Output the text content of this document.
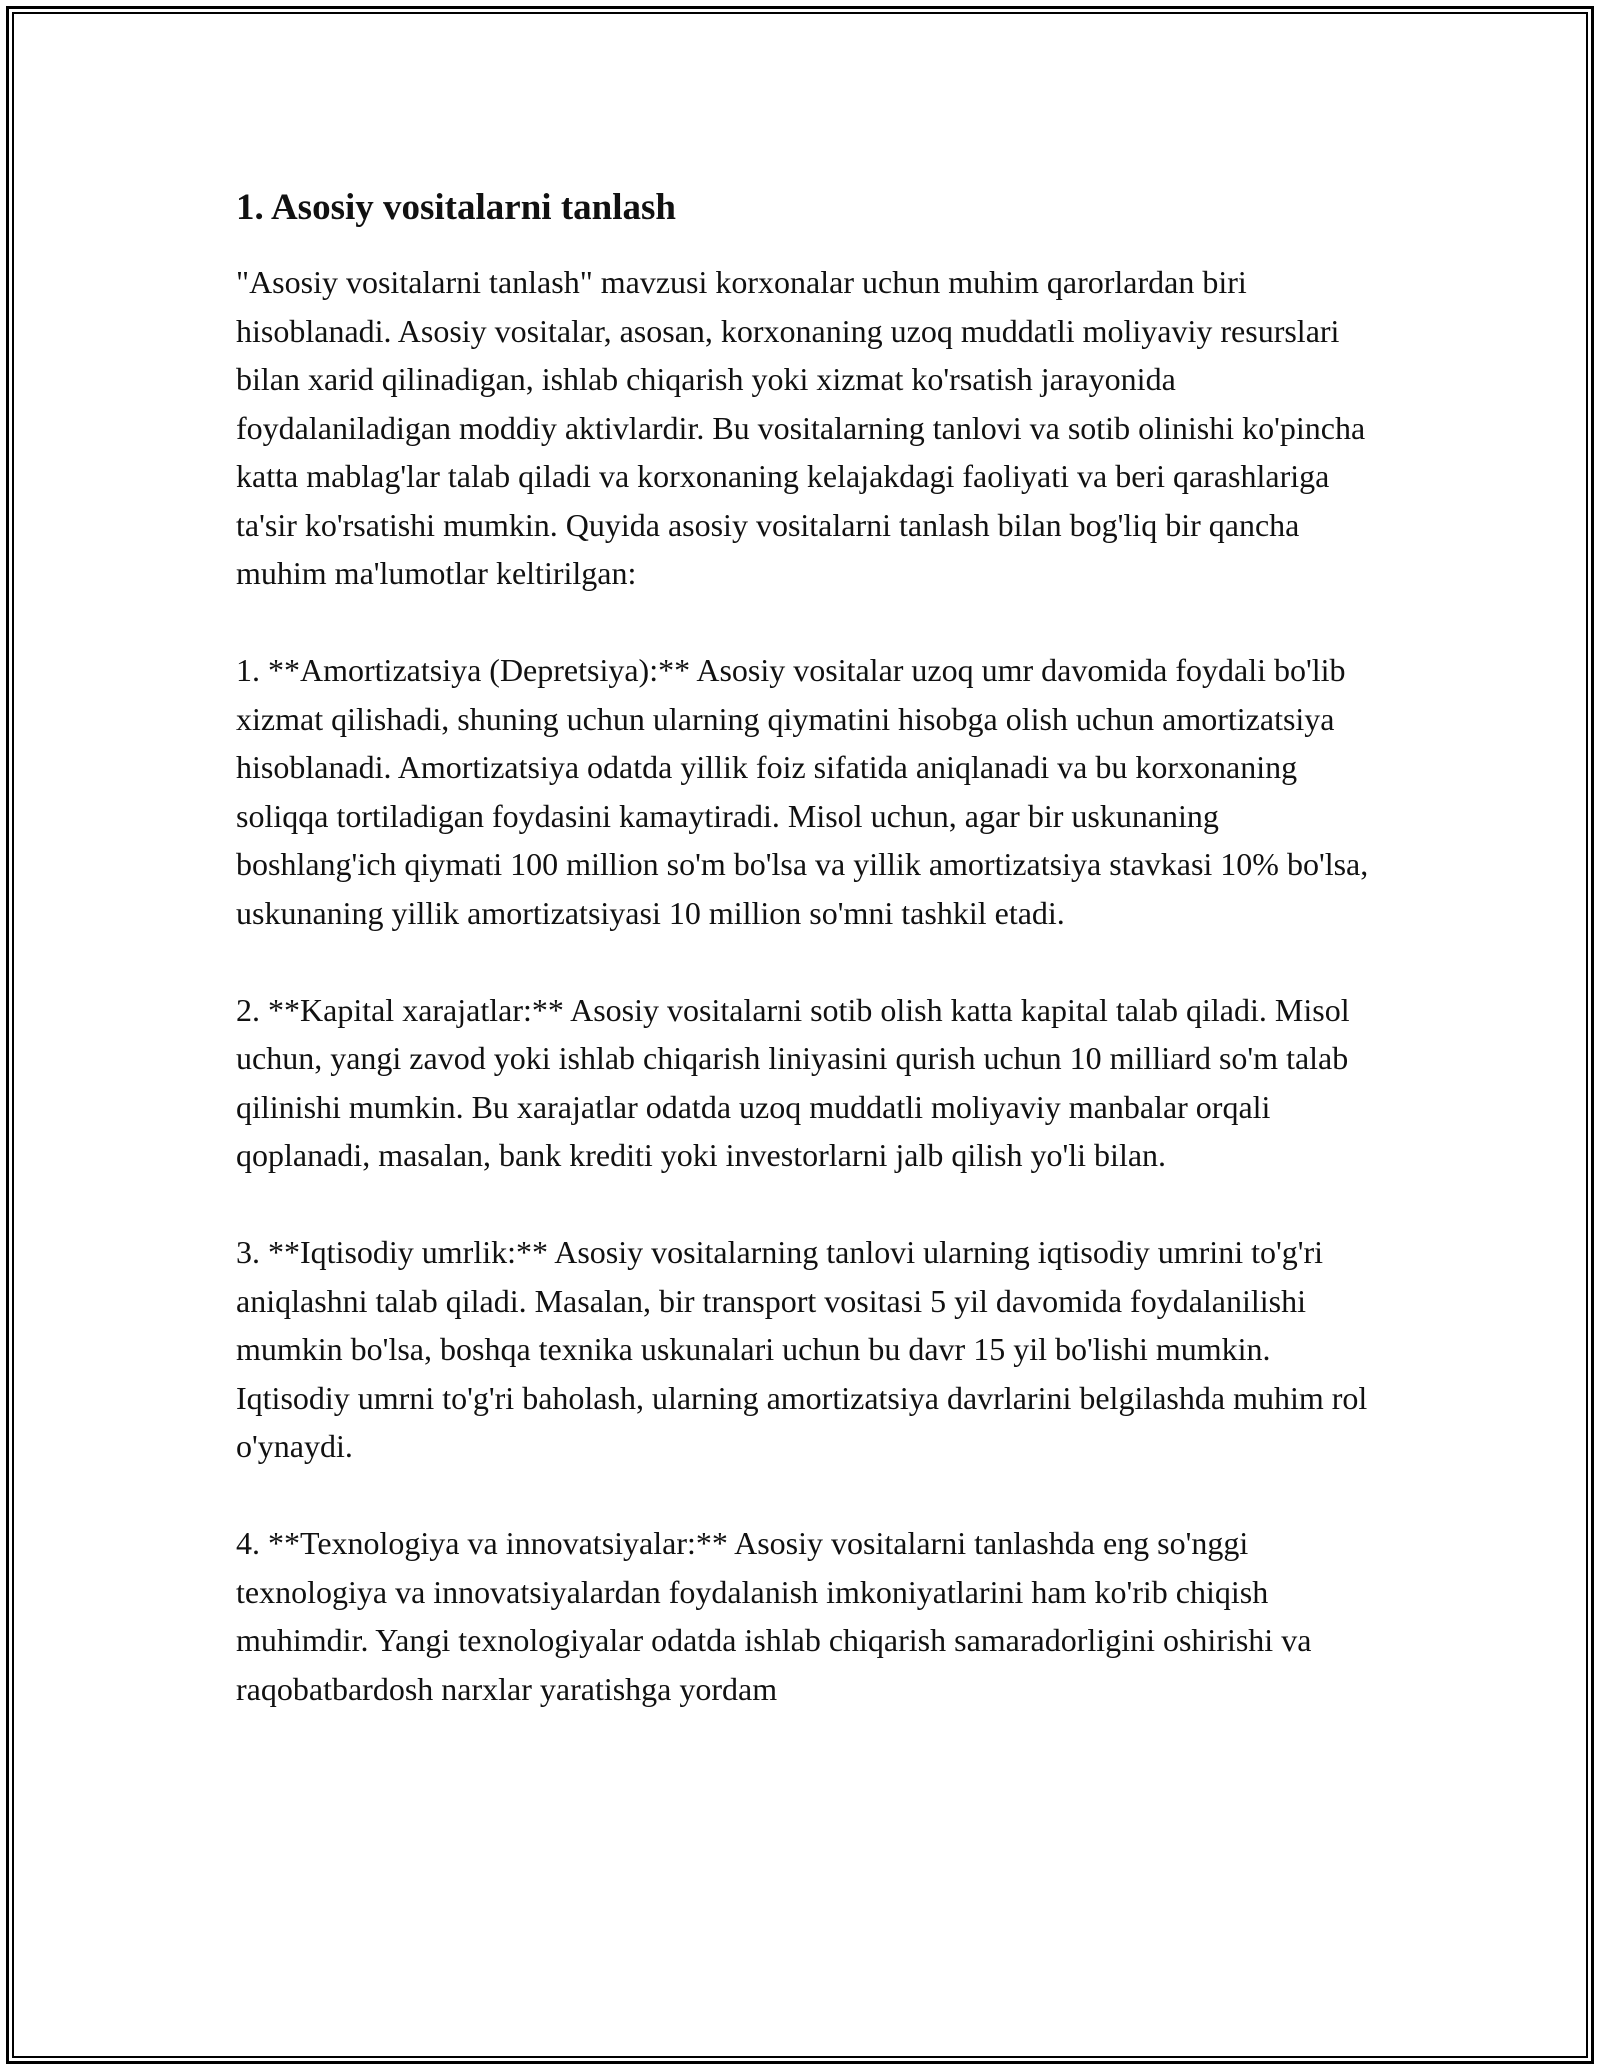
1. Asosiy vositalarni tanlash

"Asosiy vositalarni tanlash" mavzusi korxonalar uchun muhim qarorlardan biri hisoblanadi. Asosiy vositalar, asosan, korxonaning uzoq muddatli moliyaviy resurslari bilan xarid qilinadigan, ishlab chiqarish yoki xizmat ko'rsatish jarayonida foydalaniladigan moddiy aktivlardir. Bu vositalarning tanlovi va sotib olinishi ko'pincha katta mablag'lar talab qiladi va korxonaning kelajakdagi faoliyati va beri qarashlariga ta'sir ko'rsatishi mumkin. Quyida asosiy vositalarni tanlash bilan bog'liq bir qancha muhim ma'lumotlar keltirilgan:

1. **Amortizatsiya (Depretsiya):** Asosiy vositalar uzoq umr davomida foydali bo'lib xizmat qilishadi, shuning uchun ularning qiymatini hisobga olish uchun amortizatsiya hisoblanadi. Amortizatsiya odatda yillik foiz sifatida aniqlanadi va bu korxonaning soliqqa tortiladigan foydasini kamaytiradi. Misol uchun, agar bir uskunaning boshlang'ich qiymati 100 million so'm bo'lsa va yillik amortizatsiya stavkasi 10% bo'lsa, uskunaning yillik amortizatsiyasi 10 million so'mni tashkil etadi.

2. **Kapital xarajatlar:** Asosiy vositalarni sotib olish katta kapital talab qiladi. Misol uchun, yangi zavod yoki ishlab chiqarish liniyasini qurish uchun 10 milliard so'm talab qilinishi mumkin. Bu xarajatlar odatda uzoq muddatli moliyaviy manbalar orqali qoplanadi, masalan, bank krediti yoki investorlarni jalb qilish yo'li bilan.

3. **Iqtisodiy umrlik:** Asosiy vositalarning tanlovi ularning iqtisodiy umrini to'g'ri aniqlashni talab qiladi. Masalan, bir transport vositasi 5 yil davomida foydalanilishi mumkin bo'lsa, boshqa texnika uskunalari uchun bu davr 15 yil bo'lishi mumkin. Iqtisodiy umrni to'g'ri baholash, ularning amortizatsiya davrlarini belgilashda muhim rol o'ynaydi.

4. **Texnologiya va innovatsiyalar:** Asosiy vositalarni tanlashda eng so'nggi texnologiya va innovatsiyalardan foydalanish imkoniyatlarini ham ko'rib chiqish muhimdir. Yangi texnologiyalar odatda ishlab chiqarish samaradorligini oshirishi va raqobatbardosh narxlar yaratishga yordam
